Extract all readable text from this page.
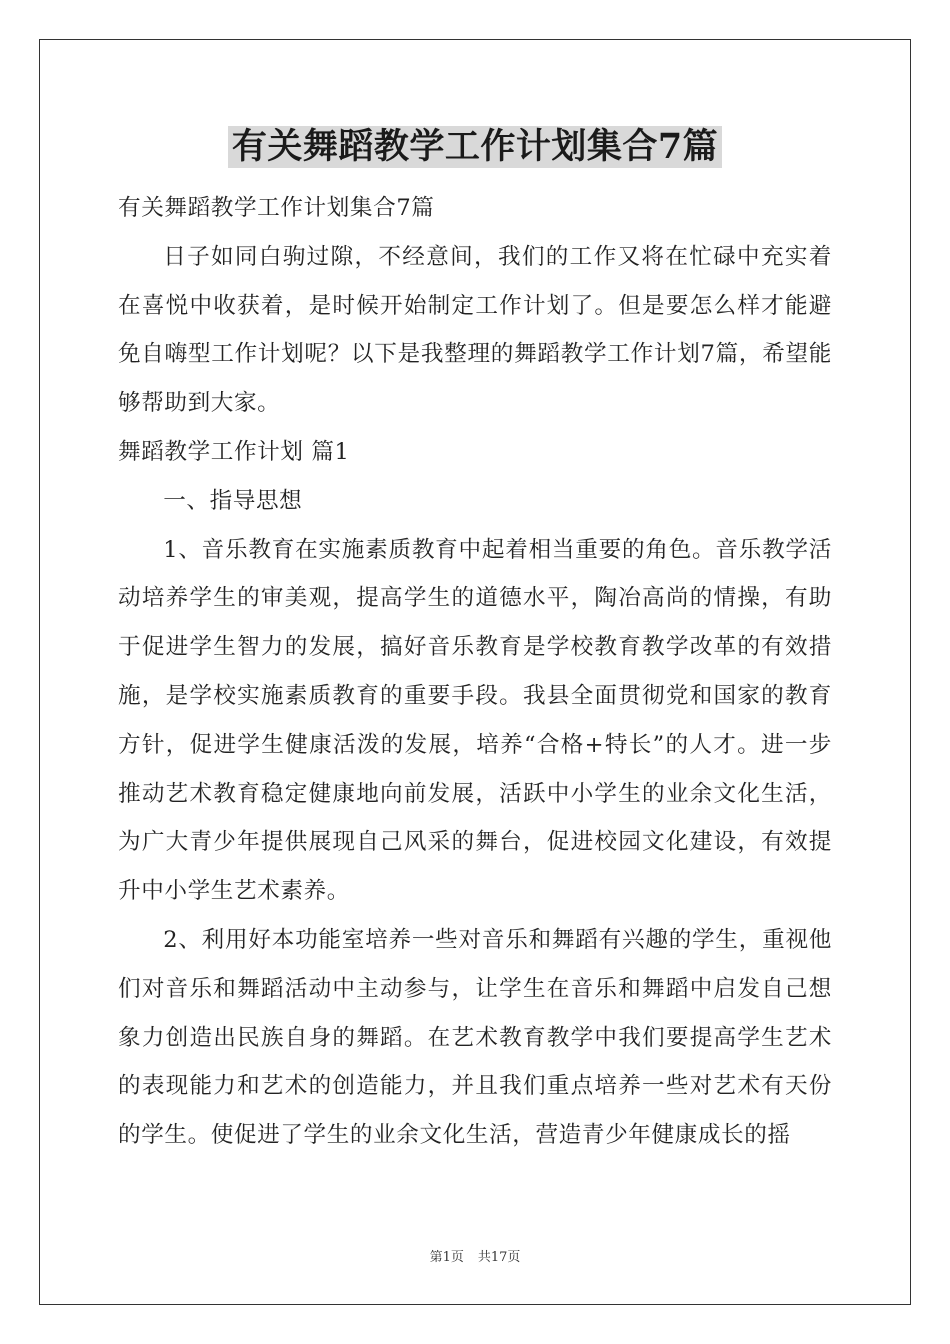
有关舞蹈教学工作计划集合7篇

有关舞蹈教学工作计划集合7篇

日子如同白驹过隙，不经意间，我们的工作又将在忙碌中充实着在喜悦中收获着，是时候开始制定工作计划了。但是要怎么样才能避免自嗨型工作计划呢？以下是我整理的舞蹈教学工作计划7篇，希望能够帮助到大家。

舞蹈教学工作计划 篇1

一、指导思想

1、音乐教育在实施素质教育中起着相当重要的角色。音乐教学活动培养学生的审美观，提高学生的道德水平，陶冶高尚的情操，有助于促进学生智力的发展，搞好音乐教育是学校教育教学改革的有效措施，是学校实施素质教育的重要手段。我县全面贯彻党和国家的教育方针，促进学生健康活泼的发展，培养“合格+特长”的人才。进一步推动艺术教育稳定健康地向前发展，活跃中小学生的业余文化生活，为广大青少年提供展现自己风采的舞台，促进校园文化建设，有效提升中小学生艺术素养。

2、利用好本功能室培养一些对音乐和舞蹈有兴趣的学生，重视他们对音乐和舞蹈活动中主动参与，让学生在音乐和舞蹈中启发自己想象力创造出民族自身的舞蹈。在艺术教育教学中我们要提高学生艺术的表现能力和艺术的创造能力，并且我们重点培养一些对艺术有天份的学生。使促进了学生的业余文化生活，营造青少年健康成长的摇

第1页 共17页
